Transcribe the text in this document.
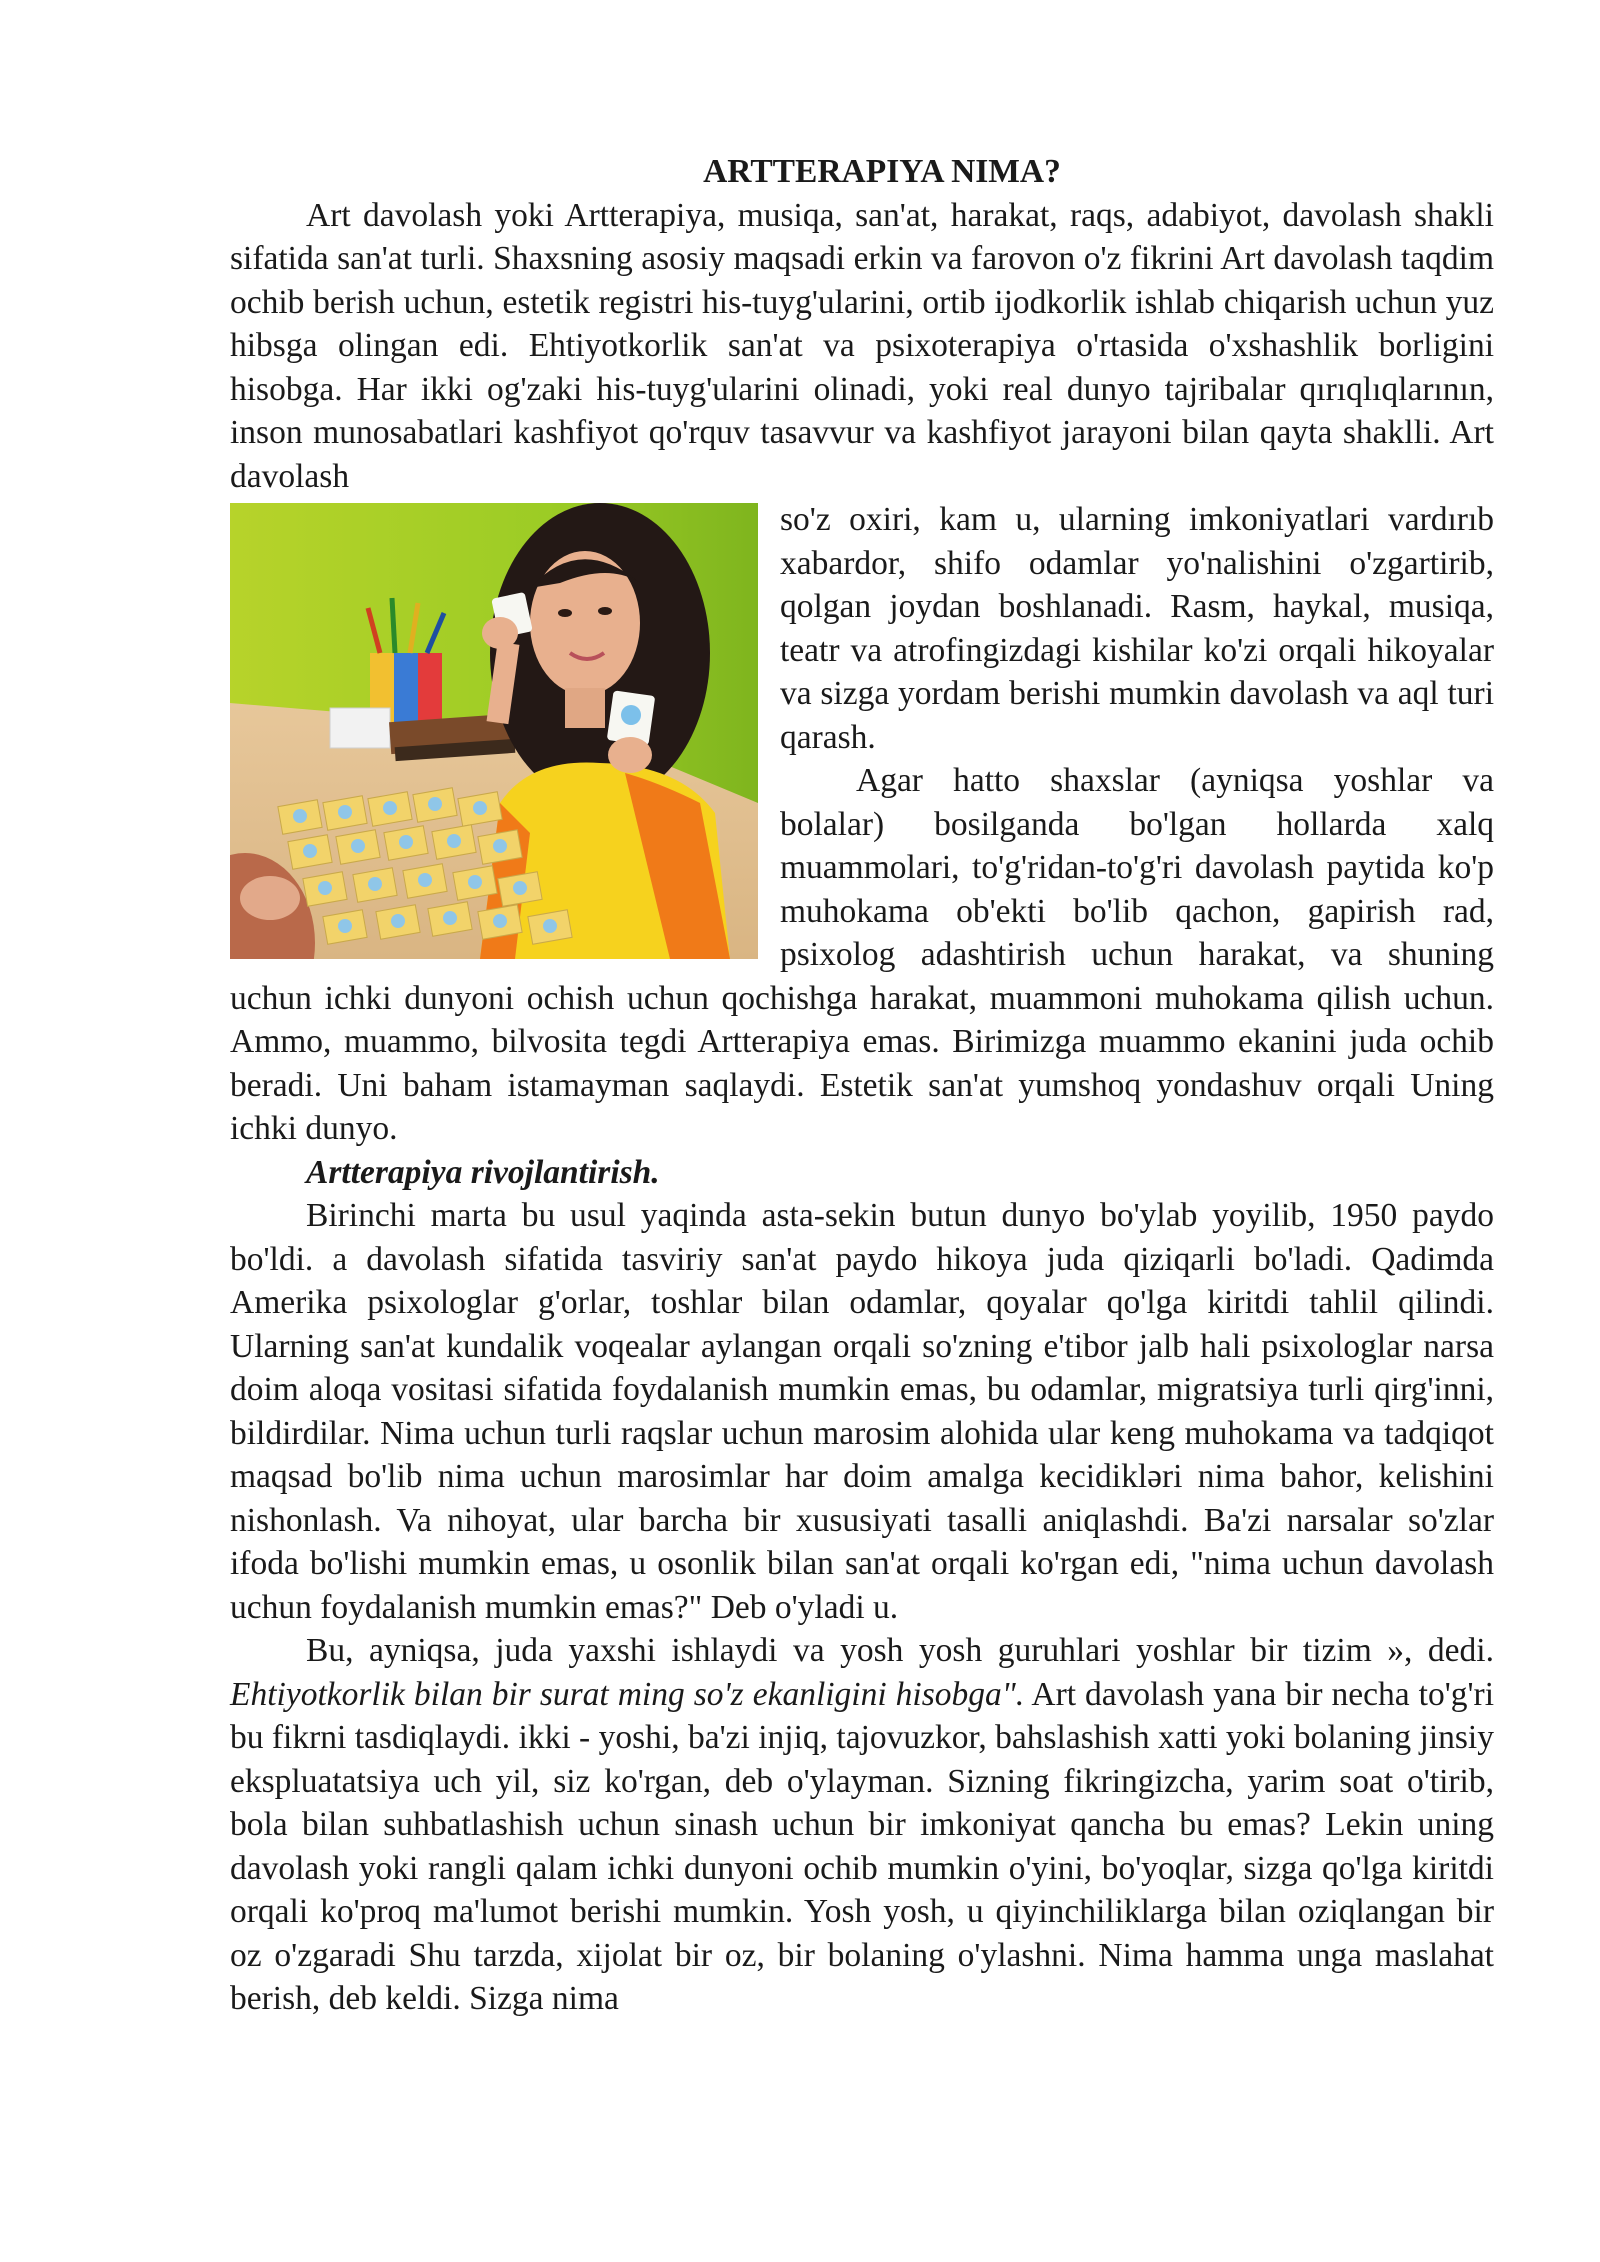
ARTTERAPIYA NIMA?

Art davolash yoki Artterapiya, musiqa, san'at, harakat, raqs, adabiyot, davolash shakli sifatida san'at turli. Shaxsning asosiy maqsadi erkin va farovon o'z fikrini Art davolash taqdim ochib berish uchun, estetik registri his-tuyg'ularini, ortib ijodkorlik ishlab chiqarish uchun yuz hibsga olingan edi. Ehtiyotkorlik san'at va psixoterapiya o'rtasida o'xshashlik borligini hisobga. Har ikki og'zaki his-tuyg'ularini olinadi, yoki real dunyo tajribalar qırıqlıqlarının, inson munosabatlari kashfiyot qo'rquv tasavvur va kashfiyot jarayoni bilan qayta shaklli. Art davolash

so'z oxiri, kam u, ularning imkoniyatlari vardırıb xabardor, shifo odamlar yo'nalishini o'zgartirib, qolgan joydan boshlanadi. Rasm, haykal, musiqa, teatr va atrofingizdagi kishilar ko'zi orqali hikoyalar va sizga yordam berishi mumkin davolash va aql turi qarash.

Agar hatto shaxslar (ayniqsa yoshlar va bolalar) bosilganda bo'lgan hollarda xalq muammolari, to'g'ridan-to'g'ri davolash paytida ko'p muhokama ob'ekti bo'lib qachon, gapirish rad, psixolog adashtirish uchun harakat, va shuning uchun ichki dunyoni ochish uchun qochishga harakat, muammoni muhokama qilish uchun. Ammo, muammo, bilvosita tegdi Artterapiya emas. Birimizga muammo ekanini juda ochib beradi. Uni baham istamayman saqlaydi. Estetik san'at yumshoq yondashuv orqali Uning ichki dunyo.

Artterapiya rivojlantirish.

Birinchi marta bu usul yaqinda asta-sekin butun dunyo bo'ylab yoyilib, 1950 paydo bo'ldi. a davolash sifatida tasviriy san'at paydo hikoya juda qiziqarli bo'ladi. Qadimda Amerika psixologlar g'orlar, toshlar bilan odamlar, qoyalar qo'lga kiritdi tahlil qilindi. Ularning san'at kundalik voqealar aylangan orqali so'zning e'tibor jalb hali psixologlar narsa doim aloqa vositasi sifatida foydalanish mumkin emas, bu odamlar, migratsiya turli qirg'inni, bildirdilar. Nima uchun turli raqslar uchun marosim alohida ular keng muhokama va tadqiqot maqsad bo'lib nima uchun marosimlar har doim amalga kecidiklərі nima bahor, kelishini nishonlash. Va nihoyat, ular barcha bir xususiyati tasalli aniqlashdi. Ba'zi narsalar so'zlar ifoda bo'lishi mumkin emas, u osonlik bilan san'at orqali ko'rgan edi, "nima uchun davolash uchun foydalanish mumkin emas?" Deb o'yladi u.

Bu, ayniqsa, juda yaxshi ishlaydi va yosh yosh guruhlari yoshlar bir tizim », dedi. Ehtiyotkorlik bilan bir surat ming so'z ekanligini hisobga". Art davolash yana bir necha to'g'ri bu fikrni tasdiqlaydi. ikki - yoshi, ba'zi injiq, tajovuzkor, bahslashish xatti yoki bolaning jinsiy ekspluatatsiya uch yil, siz ko'rgan, deb o'ylayman. Sizning fikringizcha, yarim soat o'tirib, bola bilan suhbatlashish uchun sinash uchun bir imkoniyat qancha bu emas? Lekin uning davolash yoki rangli qalam ichki dunyoni ochib mumkin o'yini, bo'yoqlar, sizga qo'lga kiritdi orqali ko'proq ma'lumot berishi mumkin. Yosh yosh, u qiyinchiliklarga bilan oziqlangan bir oz o'zgaradi Shu tarzda, xijolat bir oz, bir bolaning o'ylashni. Nima hamma unga maslahat berish, deb keldi. Sizga nima
